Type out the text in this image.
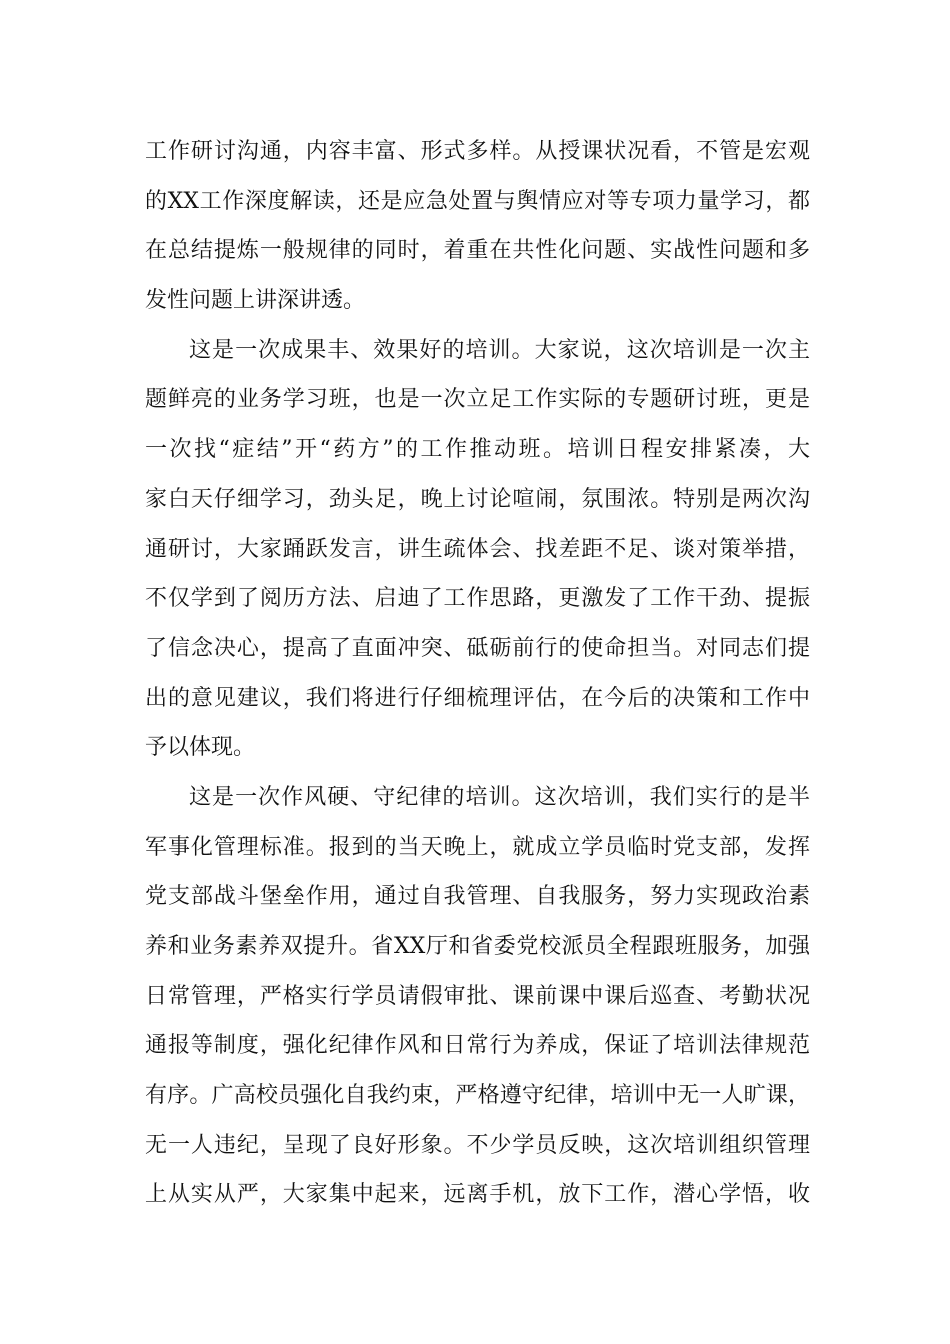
工作研讨沟通，内容丰富、形式多样。从授课状况看，不管是宏观
的XX工作深度解读，还是应急处置与舆情应对等专项力量学习，都
在总结提炼一般规律的同时，着重在共性化问题、实战性问题和多
发性问题上讲深讲透。
这是一次成果丰、效果好的培训。大家说，这次培训是一次主
题鲜亮的业务学习班，也是一次立足工作实际的专题研讨班，更是
一次找“症结”开“药方”的工作推动班。培训日程安排紧凑，大
家白天仔细学习，劲头足，晚上讨论喧闹，氛围浓。特别是两次沟
通研讨，大家踊跃发言，讲生疏体会、找差距不足、谈对策举措，
不仅学到了阅历方法、启迪了工作思路，更激发了工作干劲、提振
了信念决心，提高了直面冲突、砥砺前行的使命担当。对同志们提
出的意见建议，我们将进行仔细梳理评估，在今后的决策和工作中
予以体现。
这是一次作风硬、守纪律的培训。这次培训，我们实行的是半
军事化管理标准。报到的当天晚上，就成立学员临时党支部，发挥
党支部战斗堡垒作用，通过自我管理、自我服务，努力实现政治素
养和业务素养双提升。省XX厅和省委党校派员全程跟班服务，加强
日常管理，严格实行学员请假审批、课前课中课后巡查、考勤状况
通报等制度，强化纪律作风和日常行为养成，保证了培训法律规范
有序。广高校员强化自我约束，严格遵守纪律，培训中无一人旷课，
无一人违纪，呈现了良好形象。不少学员反映，这次培训组织管理
上从实从严，大家集中起来，远离手机，放下工作，潜心学悟，收
